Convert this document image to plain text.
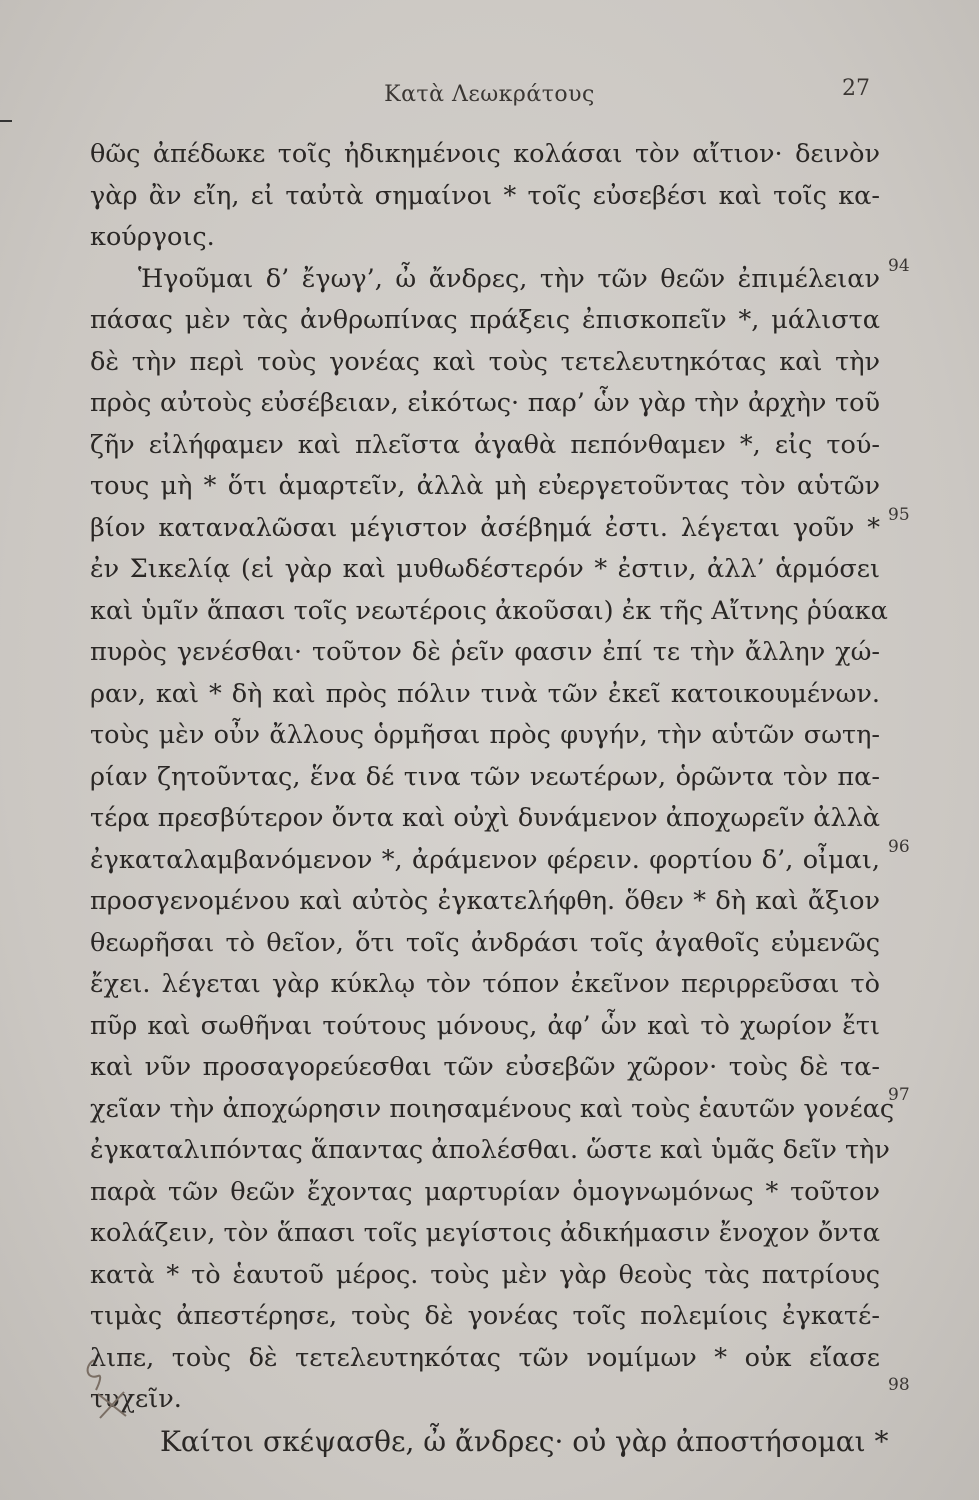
Κατὰ Λεωκράτους	27
θῶς ἀπέδωκε τοῖς ἠδικημένοις κολάσαι τὸν αἴτιον· δεινὸν
γὰρ ἂν εἴη, εἰ ταὐτὰ σημαίνοι * τοῖς εὐσεβέσι καὶ τοῖς κα-
κούργοις.
Ἡγοῦμαι δ’ ἔγωγ’, ὦ ἄνδρες, τὴν τῶν θεῶν ἐπιμέλειαν
πάσας μὲν τὰς ἀνθρωπίνας πράξεις ἐπισκοπεῖν *, μάλιστα
δὲ τὴν περὶ τοὺς γονέας καὶ τοὺς τετελευτηκότας καὶ τὴν
πρὸς αὐτοὺς εὐσέβειαν, εἰκότως· παρ’ ὧν γὰρ τὴν ἀρχὴν τοῦ
ζῆν εἰλήφαμεν καὶ πλεῖστα ἀγαθὰ πεπόνθαμεν *, εἰς τού-
τους μὴ * ὅτι ἁμαρτεῖν, ἀλλὰ μὴ εὐεργετοῦντας τὸν αὑτῶν
βίον καταναλῶσαι μέγιστον ἀσέβημά ἐστι. λέγεται γοῦν *
ἐν Σικελίᾳ (εἰ γὰρ καὶ μυθωδέστερόν * ἐστιν, ἀλλ’ ἁρμόσει
καὶ ὑμῖν ἅπασι τοῖς νεωτέροις ἀκοῦσαι) ἐκ τῆς Αἴτνης ῥύακα
πυρὸς γενέσθαι· τοῦτον δὲ ῥεῖν φασιν ἐπί τε τὴν ἄλλην χώ-
ραν, καὶ * δὴ καὶ πρὸς πόλιν τινὰ τῶν ἐκεῖ κατοικουμένων.
τοὺς μὲν οὖν ἄλλους ὁρμῆσαι πρὸς φυγήν, τὴν αὑτῶν σωτη-
ρίαν ζητοῦντας, ἕνα δέ τινα τῶν νεωτέρων, ὁρῶντα τὸν πα-
τέρα πρεσβύτερον ὄντα καὶ οὐχὶ δυνάμενον ἀποχωρεῖν ἀλλὰ
ἐγκαταλαμβανόμενον *, ἀράμενον φέρειν. φορτίου δ’, οἶμαι,
προσγενομένου καὶ αὐτὸς ἐγκατελήφθη. ὅθεν * δὴ καὶ ἄξιον
θεωρῆσαι τὸ θεῖον, ὅτι τοῖς ἀνδράσι τοῖς ἀγαθοῖς εὐμενῶς
ἔχει. λέγεται γὰρ κύκλῳ τὸν τόπον ἐκεῖνον περιρρεῦσαι τὸ
πῦρ καὶ σωθῆναι τούτους μόνους, ἀφ’ ὧν καὶ τὸ χωρίον ἔτι
καὶ νῦν προσαγορεύεσθαι τῶν εὐσεβῶν χῶρον· τοὺς δὲ τα-
χεῖαν τὴν ἀποχώρησιν ποιησαμένους καὶ τοὺς ἑαυτῶν γονέας
ἐγκαταλιπόντας ἅπαντας ἀπολέσθαι. ὥστε καὶ ὑμᾶς δεῖν τὴν
παρὰ τῶν θεῶν ἔχοντας μαρτυρίαν ὁμογνωμόνως * τοῦτον
κολάζειν, τὸν ἅπασι τοῖς μεγίστοις ἀδικήμασιν ἔνοχον ὄντα
κατὰ * τὸ ἑαυτοῦ μέρος. τοὺς μὲν γὰρ θεοὺς τὰς πατρίους
τιμὰς ἀπεστέρησε, τοὺς δὲ γονέας τοῖς πολεμίοις ἐγκατέ-
λιπε, τοὺς δὲ τετελευτηκότας τῶν νομίμων * οὐκ εἴασε
τυχεῖν.
Καίτοι σκέψασθε, ὦ ἄνδρες· οὐ γὰρ ἀποστήσομαι *
94
95
96
97
98
